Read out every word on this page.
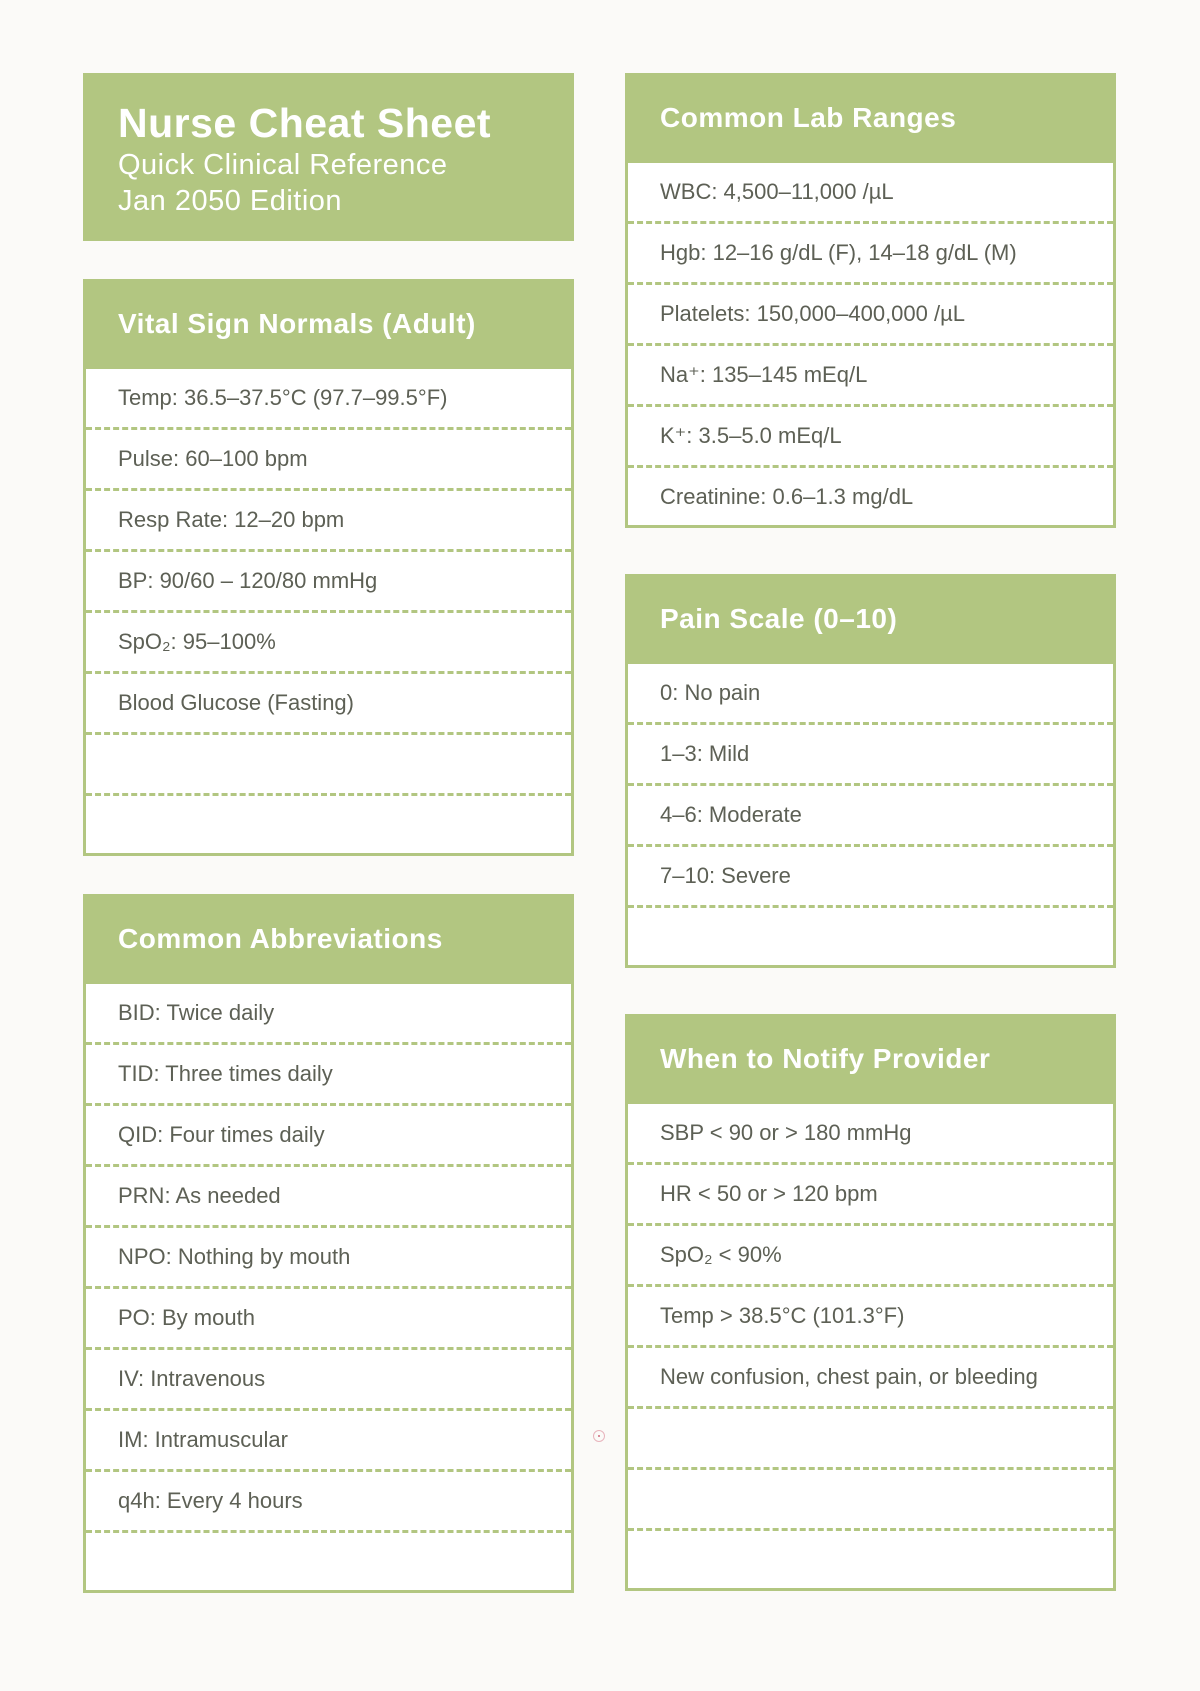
Nurse Cheat Sheet
Quick Clinical Reference
Jan 2050 Edition
Vital Sign Normals (Adult)
Temp: 36.5–37.5°C (97.7–99.5°F)
Pulse: 60–100 bpm
Resp Rate: 12–20 bpm
BP: 90/60 – 120/80 mmHg
SpO₂: 95–100%
Blood Glucose (Fasting)
Common Abbreviations
BID: Twice daily
TID: Three times daily
QID: Four times daily
PRN: As needed
NPO: Nothing by mouth
PO: By mouth
IV: Intravenous
IM: Intramuscular
q4h: Every 4 hours
Common Lab Ranges
WBC: 4,500–11,000 /µL
Hgb: 12–16 g/dL (F), 14–18 g/dL (M)
Platelets: 150,000–400,000 /µL
Na⁺: 135–145 mEq/L
K⁺: 3.5–5.0 mEq/L
Creatinine: 0.6–1.3 mg/dL
Pain Scale (0–10)
0: No pain
1–3: Mild
4–6: Moderate
7–10: Severe
When to Notify Provider
SBP < 90 or > 180 mmHg
HR < 50 or > 120 bpm
SpO₂ < 90%
Temp > 38.5°C (101.3°F)
New confusion, chest pain, or bleeding
